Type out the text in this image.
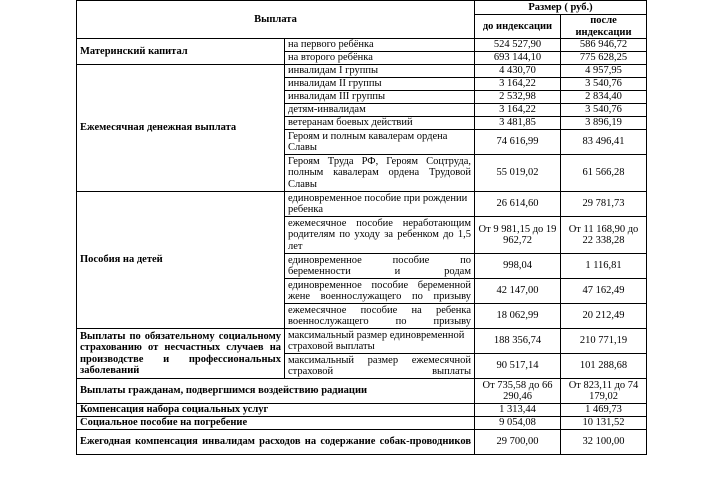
Выплата		Размер ( руб.)	
		до индексации	после индексации
Материнский капитал	на первого ребёнка	524 527,90	586 946,72
	на второго ребёнка	693 144,10	775 628,25
Ежемесячная денежная выплата	инвалидам I группы	4 430,70	4 957,95
	инвалидам II группы	3 164,22	3 540,76
	инвалидам III группы	2 532,98	2 834,40
	детям-инвалидам	3 164,22	3 540,76
	ветеранам боевых действий	3 481,85	3 896,19
	Героям и полным кавалерам ордена Славы	74 616,99	83 496,41
	Героям Труда РФ, Героям Соцтруда, полным кавалерам ордена Трудовой Славы	55 019,02	61 566,28
Пособия на детей	единовременное пособие при рождении ребенка	26 614,60	29 781,73
	ежемесячное пособие неработающим родителям по уходу за ребенком до 1,5 лет	От 9 981,15 до 19 962,72	От 11 168,90 до 22 338,28
	единовременное пособие по беременности и родам	998,04	1 116,81
	единовременное пособие беременной жене военнослужащего по призыву	42 147,00	47 162,49
	ежемесячное пособие на ребенка военнослужащего по призыву	18 062,99	20 212,49
Выплаты по обязательному социальному страхованию от несчастных случаев на производстве и профессиональных заболеваний	максимальный размер единовременной страховой выплаты	188 356,74	210 771,19
	максимальный размер ежемесячной страховой выплаты	90 517,14	101 288,68
Выплаты гражданам, подвергшимся воздействию радиации		От 735,58 до 66 290,46	От 823,11 до 74 179,02
Компенсация набора социальных услуг		1 313,44	1 469,73
Социальное пособие на погребение		9 054,08	10 131,52
Ежегодная компенсация инвалидам расходов на содержание собак-проводников		29 700,00	32 100,00
